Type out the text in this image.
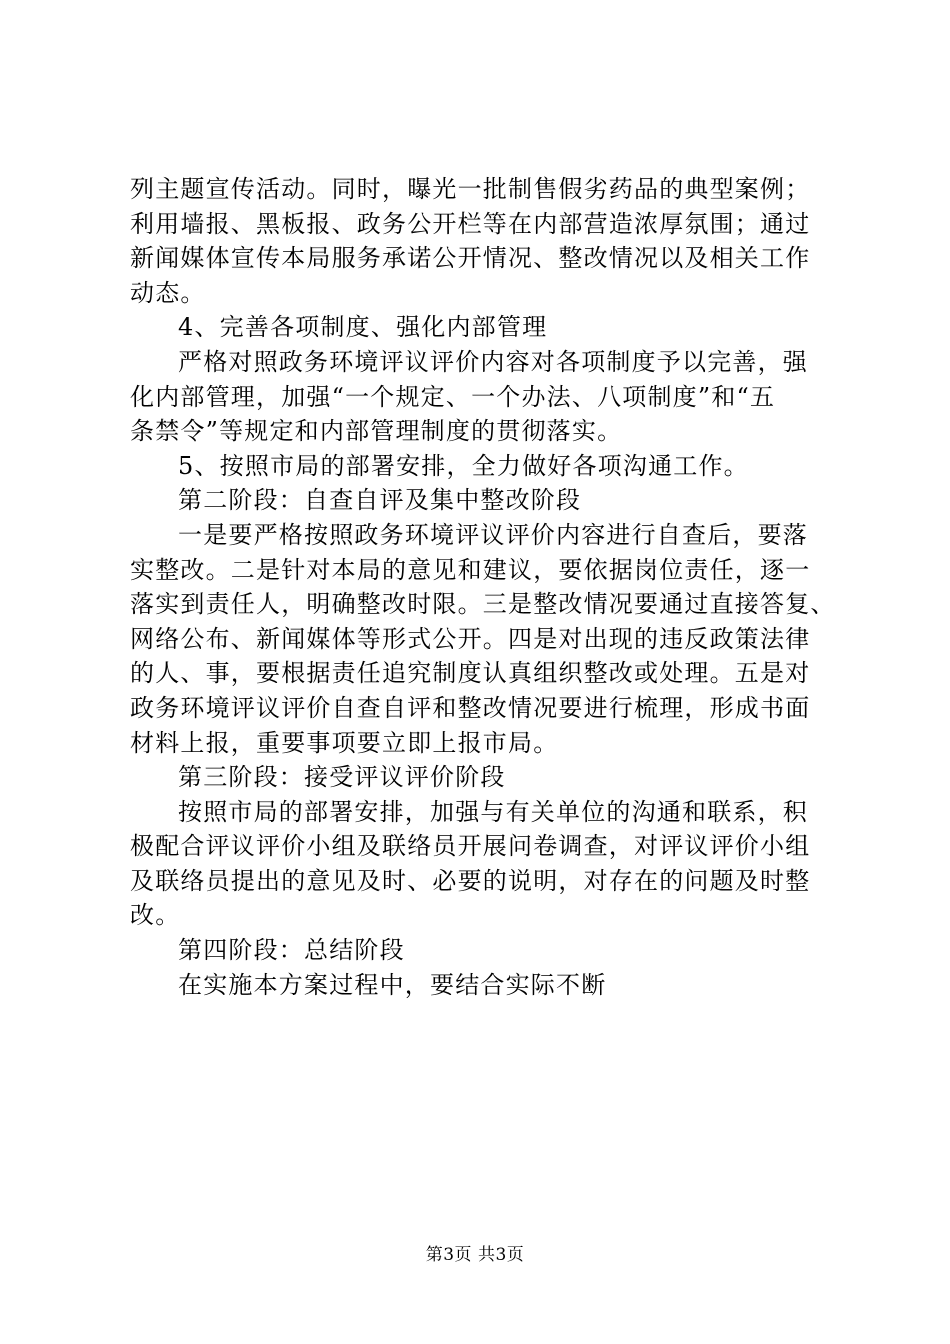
列主题宣传活动。同时，曝光一批制售假劣药品的典型案例；
利用墙报、黑板报、政务公开栏等在内部营造浓厚氛围；通过
新闻媒体宣传本局服务承诺公开情况、整改情况以及相关工作
动态。
4、完善各项制度、强化内部管理
严格对照政务环境评议评价内容对各项制度予以完善，强
化内部管理，加强“一个规定、一个办法、八项制度”和“五
条禁令”等规定和内部管理制度的贯彻落实。
5、按照市局的部署安排，全力做好各项沟通工作。
第二阶段：自查自评及集中整改阶段
一是要严格按照政务环境评议评价内容进行自查后，要落
实整改。二是针对本局的意见和建议，要依据岗位责任，逐一
落实到责任人，明确整改时限。三是整改情况要通过直接答复、
网络公布、新闻媒体等形式公开。四是对出现的违反政策法律
的人、事，要根据责任追究制度认真组织整改或处理。五是对
政务环境评议评价自查自评和整改情况要进行梳理，形成书面
材料上报，重要事项要立即上报市局。
第三阶段：接受评议评价阶段
按照市局的部署安排，加强与有关单位的沟通和联系，积
极配合评议评价小组及联络员开展问卷调查，对评议评价小组
及联络员提出的意见及时、必要的说明，对存在的问题及时整
改。
第四阶段：总结阶段
在实施本方案过程中，要结合实际不断
第3页 共3页
